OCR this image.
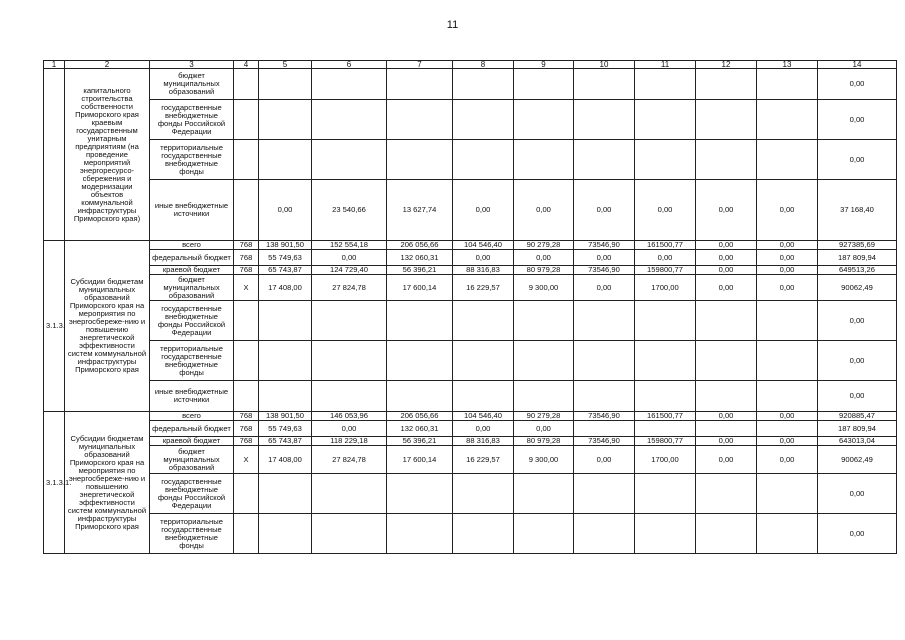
11
1	2	3	4	5	6	7	8	9	10	11	12	13	14
	капитального строительства собственности Приморского края краевым государственным унитарным предприятиям (на проведение мероприятий энергоресурсо-сбережения и модернизации объектов коммунальной инфраструктуры Приморского края)	бюджет муниципальных образований											0,00
		государственные внебюджетные фонды Российской Федерации											0,00
		территориальные государственные внебюджетные фонды											0,00
		иные внебюджетные источники		0,00	23 540,66	13 627,74	0,00	0,00	0,00	0,00	0,00	0,00	37 168,40
3.1.3.	Субсидии бюджетам муниципальных образований Приморского края на мероприятия по энергосбереже-нию и повышению энергетической эффективности систем коммунальной инфраструктуры Приморского края	всего	768	138 901,50	152 554,18	206 056,66	104 546,40	90 279,28	73546,90	161500,77	0,00	0,00	927385,69
		федеральный бюджет	768	55 749,63	0,00	132 060,31	0,00	0,00	0,00	0,00	0,00	0,00	187 809,94
		краевой бюджет	768	65 743,87	124 729,40	56 396,21	88 316,83	80 979,28	73546,90	159800,77	0,00	0,00	649513,26
		бюджет муниципальных образований	X	17 408,00	27 824,78	17 600,14	16 229,57	9 300,00	0,00	1700,00	0,00	0,00	90062,49
		государственные внебюджетные фонды Российской Федерации											0,00
		территориальные государственные внебюджетные фонды											0,00
		иные внебюджетные источники											0,00
3.1.3.1.	Субсидии бюджетам муниципальных образований Приморского края на мероприятия по энергосбереже-нию и повышению энергетической эффективности систем коммунальной инфраструктуры Приморского края	всего	768	138 901,50	146 053,96	206 056,66	104 546,40	90 279,28	73546,90	161500,77	0,00	0,00	920885,47
		федеральный бюджет	768	55 749,63	0,00	132 060,31	0,00	0,00					187 809,94
		краевой бюджет	768	65 743,87	118 229,18	56 396,21	88 316,83	80 979,28	73546,90	159800,77	0,00	0,00	643013,04
		бюджет муниципальных образований	X	17 408,00	27 824,78	17 600,14	16 229,57	9 300,00	0,00	1700,00	0,00	0,00	90062,49
		государственные внебюджетные фонды Российской Федерации											0,00
		территориальные государственные внебюджетные фонды											0,00
